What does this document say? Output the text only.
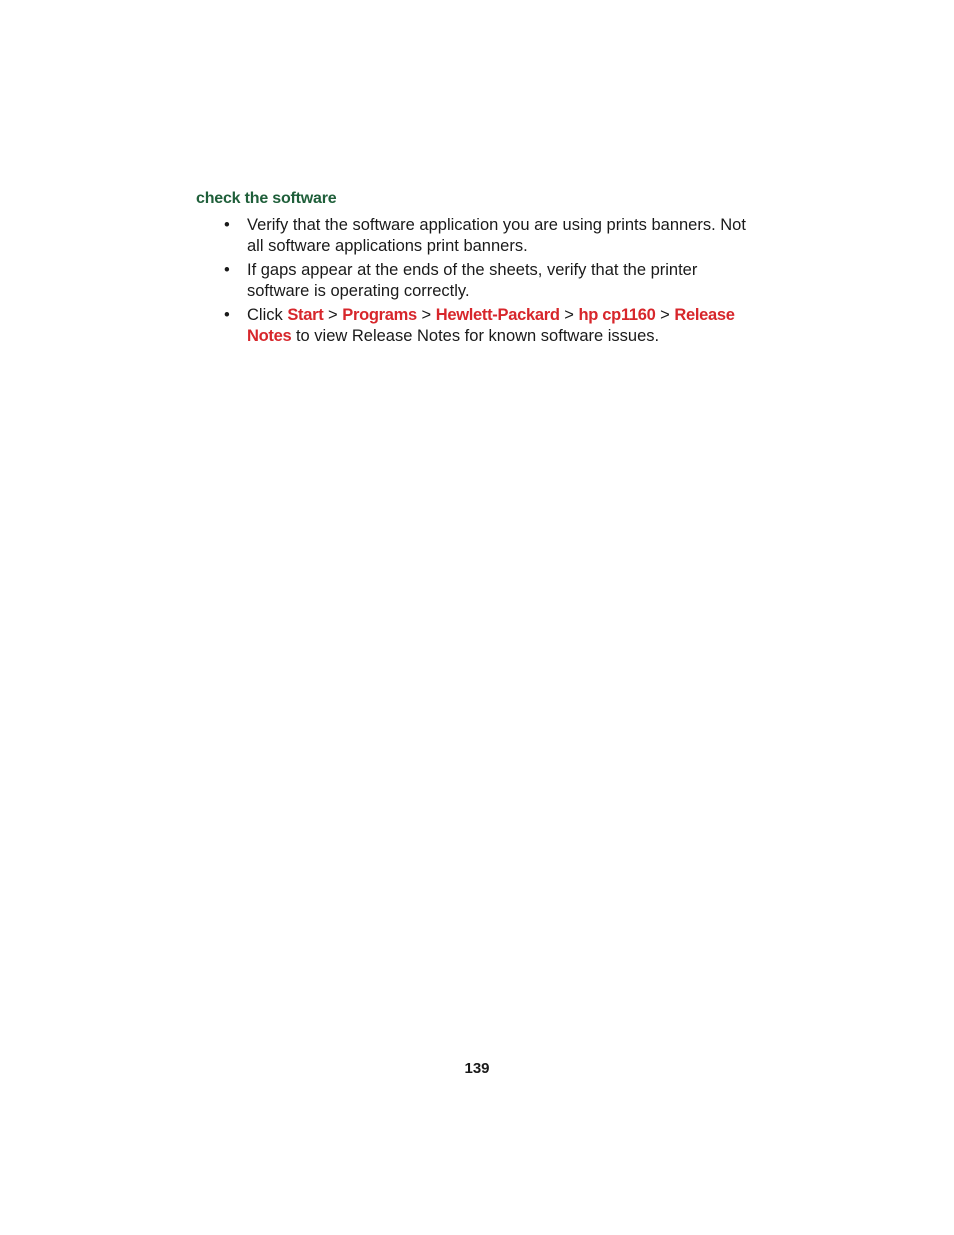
check the software
• Verify that the software application you are using prints banners. Not all software applications print banners.
• If gaps appear at the ends of the sheets, verify that the printer software is operating correctly.
• Click Start > Programs > Hewlett-Packard > hp cp1160 > Release Notes to view Release Notes for known software issues.
139
